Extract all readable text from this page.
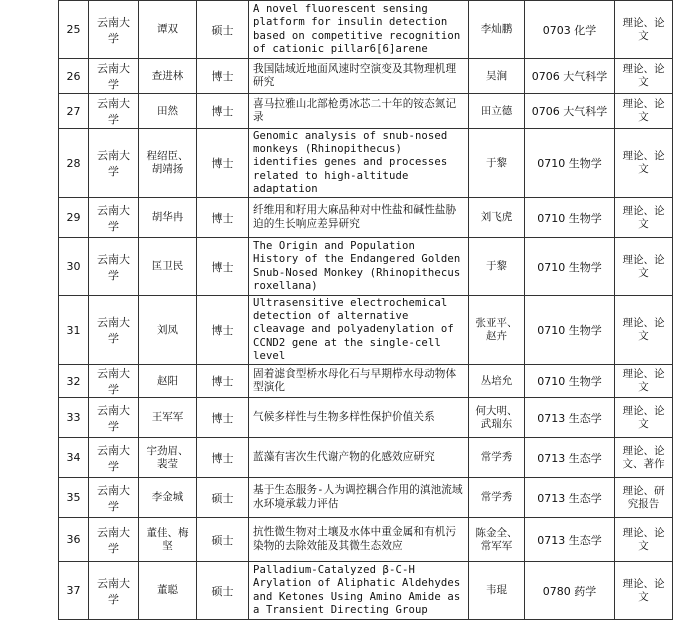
25	云南大学	谭双	硕士	A novel fluorescent sensing platform for insulin detection based on competitive recognition of cationic pillar6[6]arene	李灿鹏	0703 化学	理论、论文
26	云南大学	查进林	博士	我国陆域近地面风速时空演变及其物理机理研究	吴涧	0706 大气科学	理论、论文
27	云南大学	田然	博士	喜马拉雅山北部枪勇冰芯二十年的铵态氮记录	田立德	0706 大气科学	理论、论文
28	云南大学	程绍臣、胡靖扬	博士	Genomic analysis of snub-nosed monkeys (Rhinopithecus) identifies genes and processes related to high-altitude adaptation	于黎	0710 生物学	理论、论文
29	云南大学	胡华冉	博士	纤维用和籽用大麻品种对中性盐和碱性盐胁迫的生长响应差异研究	刘飞虎	0710 生物学	理论、论文
30	云南大学	匡卫民	博士	The Origin and Population History of the Endangered Golden Snub-Nosed Monkey (Rhinopithecus roxellana)	于黎	0710 生物学	理论、论文
31	云南大学	刘凤	博士	Ultrasensitive electrochemical detection of alternative cleavage and polyadenylation of CCND2 gene at the single-cell level	张亚平、赵卉	0710 生物学	理论、论文
32	云南大学	赵阳	博士	固着滤食型桥水母化石与早期栉水母动物体型演化	丛培允	0710 生物学	理论、论文
33	云南大学	王军军	博士	气候多样性与生物多样性保护价值关系	何大明、武瑞东	0713 生态学	理论、论文
34	云南大学	宇劲眉、裴莹	博士	蓝藻有害次生代谢产物的化感效应研究	常学秀	0713 生态学	理论、论文、著作
35	云南大学	李金城	硕士	基于生态服务-人为调控耦合作用的滇池流域水环境承载力评估	常学秀	0713 生态学	理论、研究报告
36	云南大学	董佳、梅坚	硕士	抗性微生物对土壤及水体中重金属和有机污染物的去除效能及其微生态效应	陈金全、常军军	0713 生态学	理论、论文
37	云南大学	董聪	硕士	Palladium-Catalyzed β-C-H Arylation of Aliphatic Aldehydes and Ketones Using Amino Amide as a Transient Directing Group	韦琨	0780 药学	理论、论文
